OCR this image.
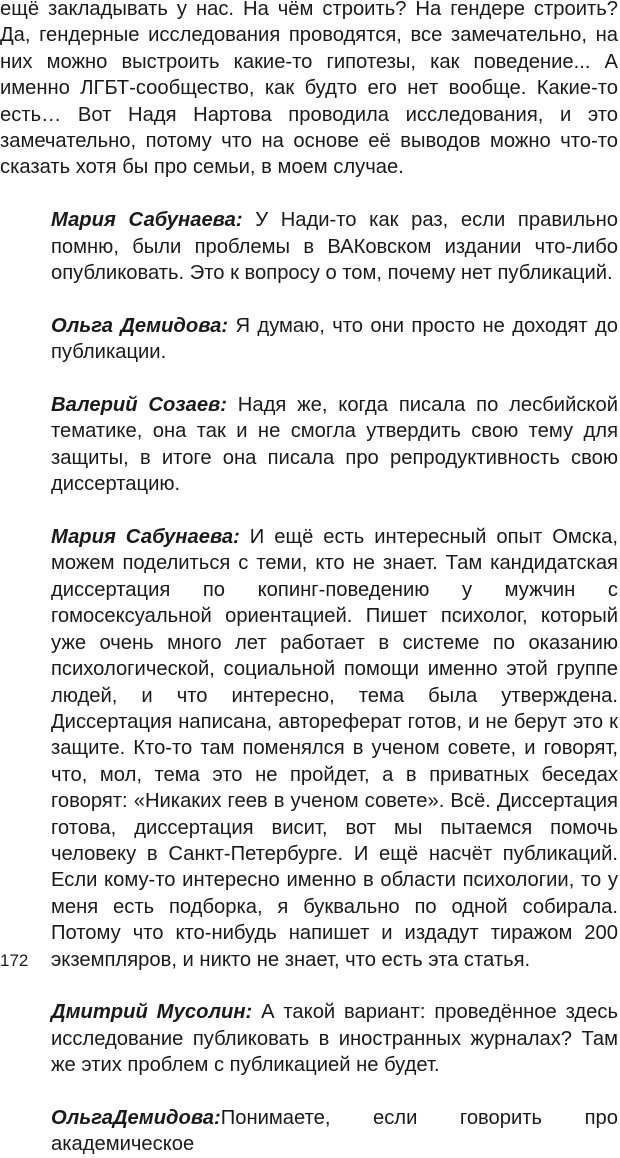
ещё закладывать у нас. На чём строить? На гендере строить? Да, гендерные исследования проводятся, все замечательно, на них можно выстроить какие-то гипотезы, как поведение... А именно ЛГБТ-сообщество, как будто его нет вообще. Какие-то есть… Вот Надя Нартова проводила исследования, и это замечательно, потому что на основе её выводов можно что-то сказать хотя бы про семьи, в моем случае.

Мария Сабунаева: У Нади-то как раз, если правильно помню, были проблемы в ВАКовском издании что-либо опубликовать. Это к вопросу о том, почему нет публикаций.

Ольга Демидова: Я думаю, что они просто не доходят до публикации.

Валерий Созаев: Надя же, когда писала по лесбийской тематике, она так и не смогла утвердить свою тему для защиты, в итоге она писала про репродуктивность свою диссертацию.

Мария Сабунаева: И ещё есть интересный опыт Омска, можем поделиться с теми, кто не знает. Там кандидатская диссертация по копинг-поведению у мужчин с гомосексуальной ориентацией. Пишет психолог, который уже очень много лет работает в системе по оказанию психологической, социальной помощи именно этой группе людей, и что интересно, тема была утверждена. Диссертация написана, автореферат готов, и не берут это к защите. Кто-то там поменялся в ученом совете, и говорят, что, мол, тема это не пройдет, а в приватных беседах говорят: «Никаких геев в ученом совете». Всё. Диссертация готова, диссертация висит, вот мы пытаемся помочь человеку в Санкт-Петербурге. И ещё насчёт публикаций. Если кому-то интересно именно в области психологии, то у меня есть подборка, я буквально по одной собирала. Потому что кто-нибудь напишет и издадут тиражом 200 экземпляров, и никто не знает, что есть эта статья.

Дмитрий Мусолин: А такой вариант: проведённое здесь исследование публиковать в иностранных журналах? Там же этих проблем с публикацией не будет.

ОльгаДемидова:Понимаете, если говорить про академическое

172
